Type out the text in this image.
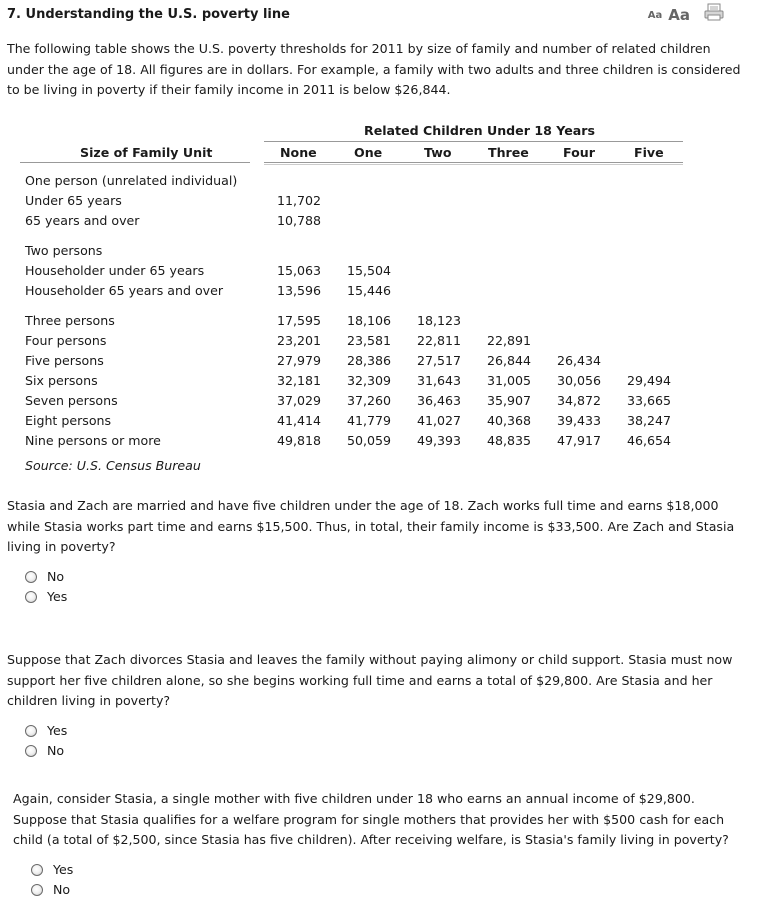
7. Understanding the U.S. poverty line	Aa Aa
The following table shows the U.S. poverty thresholds for 2011 by size of family and number of related children under the age of 18. All figures are in dollars. For example, a family with two adults and three children is considered to be living in poverty if their family income in 2011 is below $26,844.
Related Children Under 18 Years
Size of Family Unit	None	One	Two	Three	Four	Five
One person (unrelated individual)
Under 65 years	11,702
65 years and over	10,788
Two persons
Householder under 65 years	15,063 15,504
Householder 65 years and over	13,596 15,446
Three persons	17,595 18,106 18,123
Four persons	23,201 23,581 22,811 22,891
Five persons	27,979 28,386 27,517 26,844 26,434
Six persons	32,181 32,309 31,643 31,005 30,056 29,494
Seven persons	37,029 37,260 36,463 35,907 34,872 33,665
Eight persons	41,414 41,779 41,027 40,368 39,433 38,247
Nine persons or more	49,818 50,059 49,393 48,835 47,917 46,654
Source: U.S. Census Bureau
Stasia and Zach are married and have five children under the age of 18. Zach works full time and earns $18,000 while Stasia works part time and earns $15,500. Thus, in total, their family income is $33,500. Are Zach and Stasia living in poverty?
No
Yes
Suppose that Zach divorces Stasia and leaves the family without paying alimony or child support. Stasia must now support her five children alone, so she begins working full time and earns a total of $29,800. Are Stasia and her children living in poverty?
Yes
No
Again, consider Stasia, a single mother with five children under 18 who earns an annual income of $29,800. Suppose that Stasia qualifies for a welfare program for single mothers that provides her with $500 cash for each child (a total of $2,500, since Stasia has five children). After receiving welfare, is Stasia's family living in poverty?
Yes
No
